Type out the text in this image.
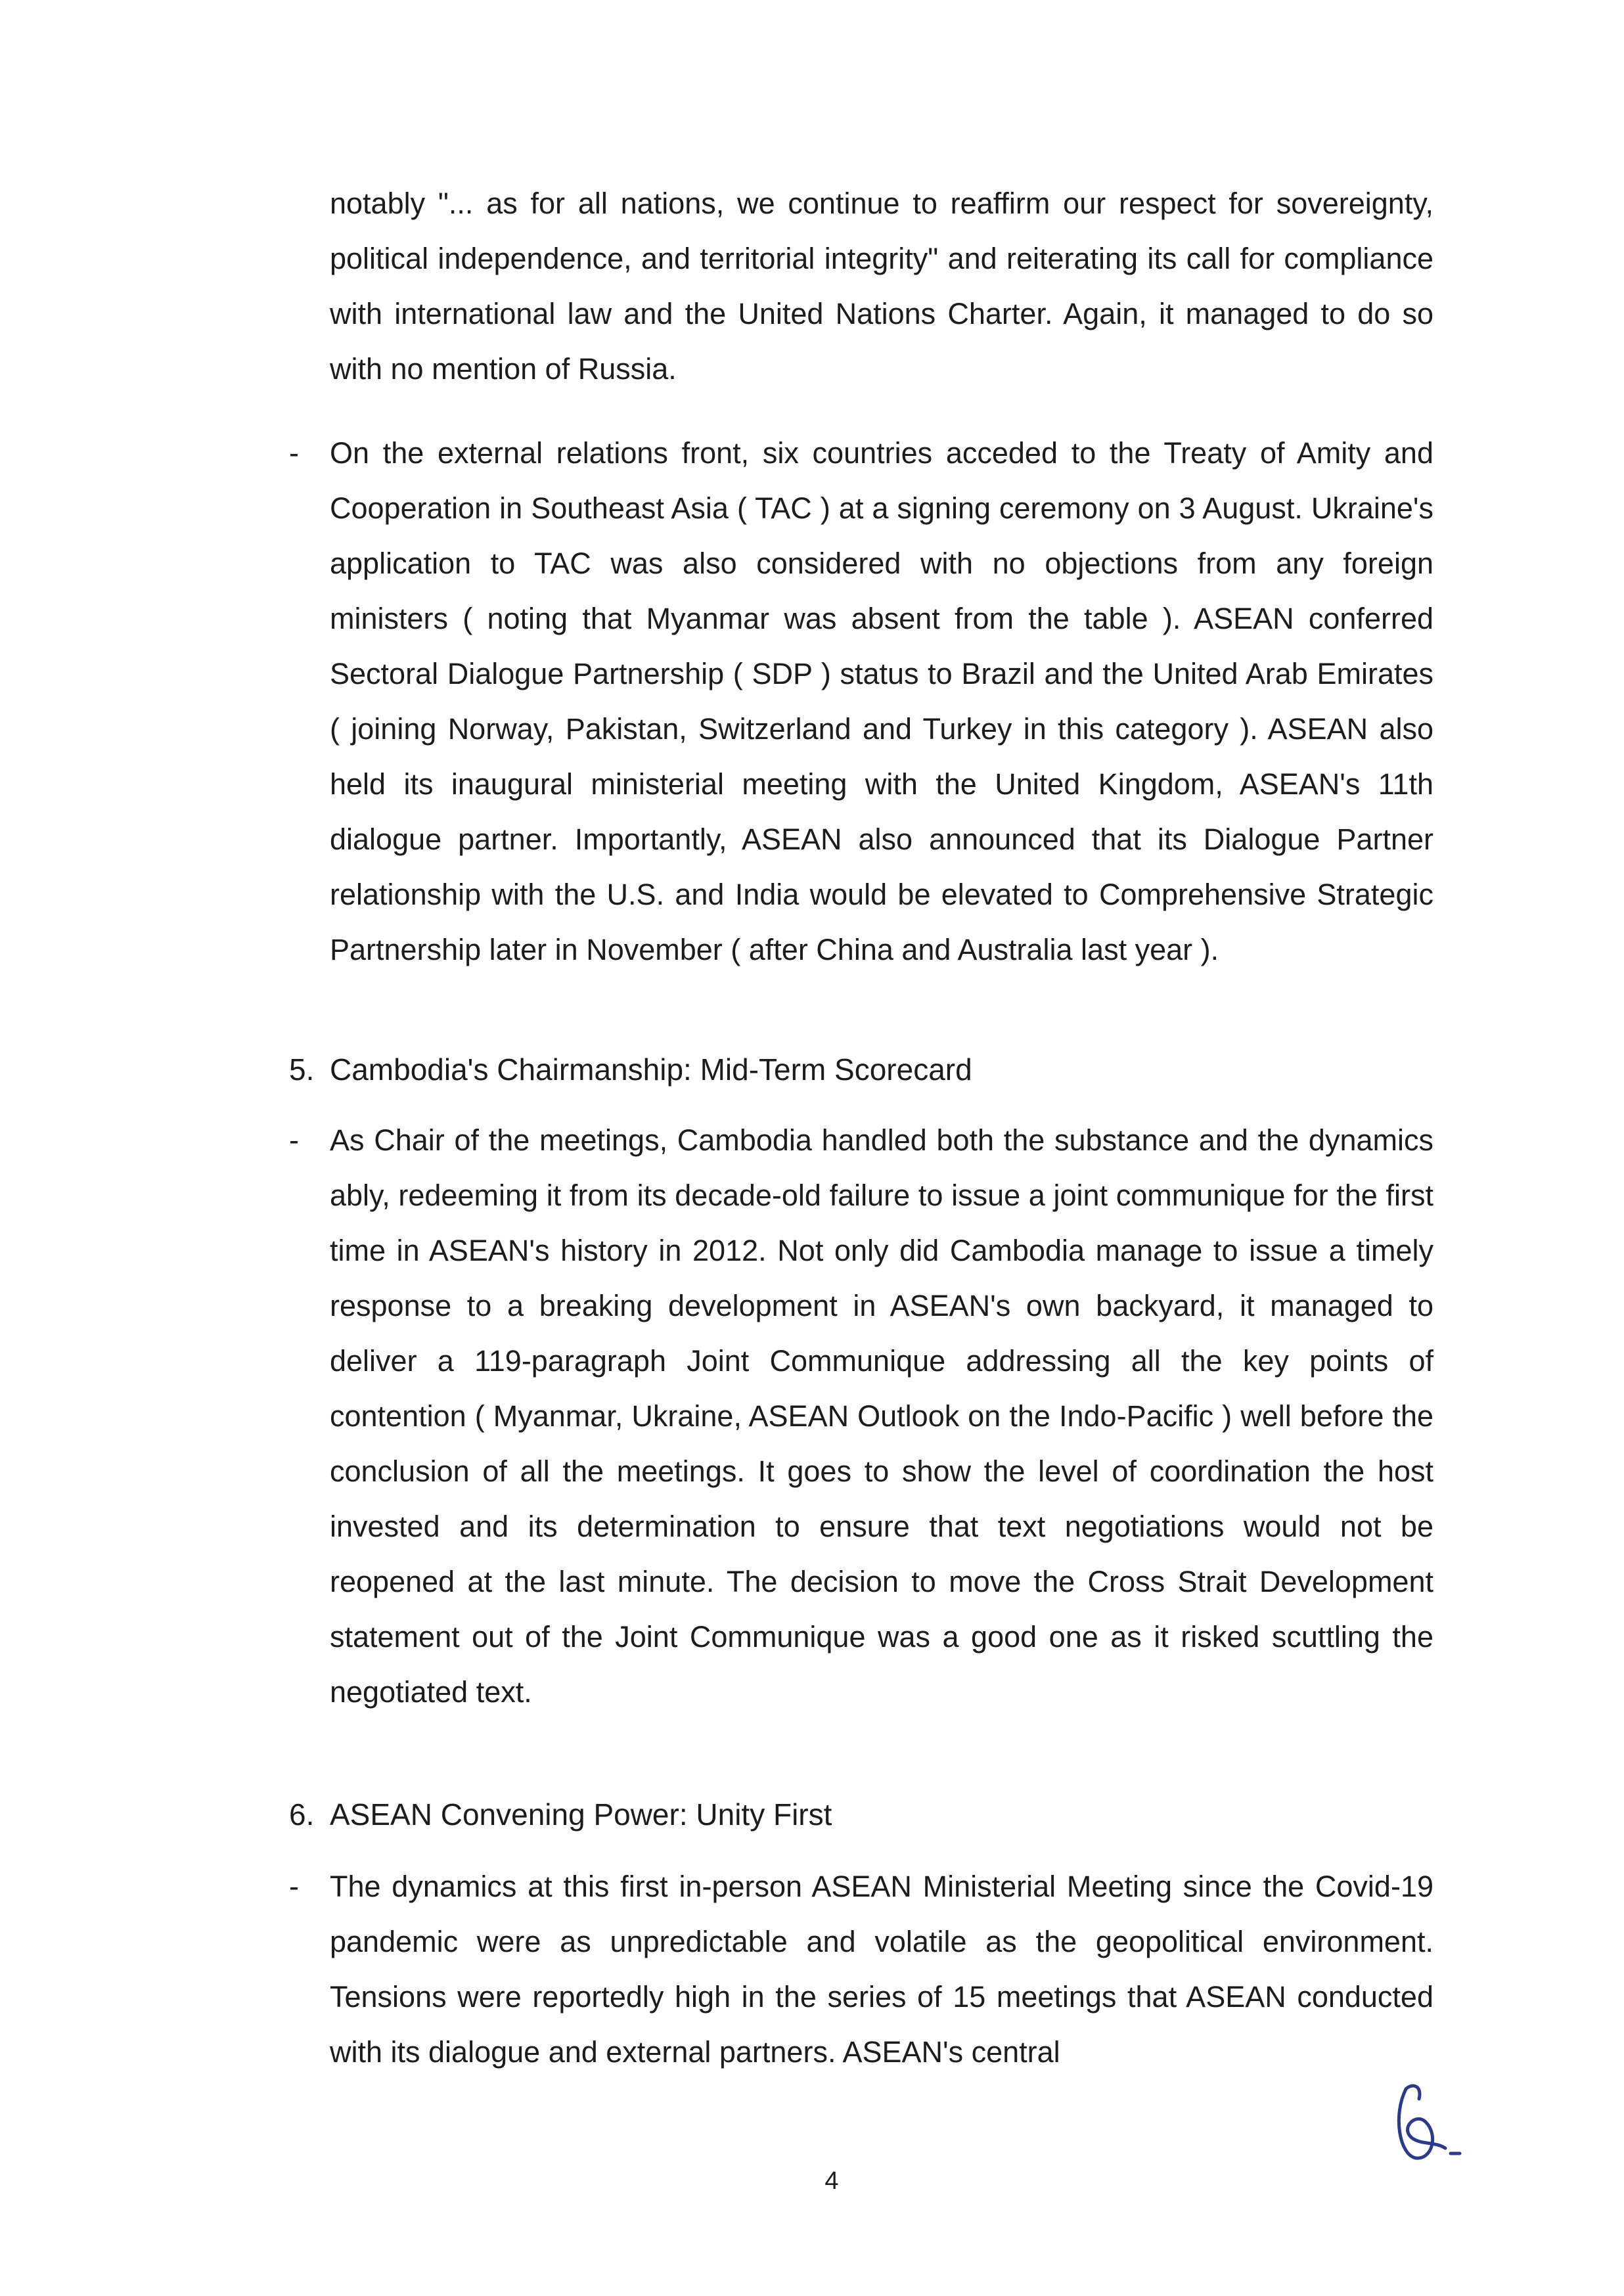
notably "... as for all nations, we continue to reaffirm our respect for sovereignty, political independence, and territorial integrity" and reiterating its call for compliance with international law and the United Nations Charter. Again, it managed to do so with no mention of Russia.
- On the external relations front, six countries acceded to the Treaty of Amity and Cooperation in Southeast Asia ( TAC ) at a signing ceremony on 3 August. Ukraine's application to TAC was also considered with no objections from any foreign ministers ( noting that Myanmar was absent from the table ). ASEAN conferred Sectoral Dialogue Partnership ( SDP ) status to Brazil and the United Arab Emirates ( joining Norway, Pakistan, Switzerland and Turkey in this category ). ASEAN also held its inaugural ministerial meeting with the United Kingdom, ASEAN's 11th dialogue partner. Importantly, ASEAN also announced that its Dialogue Partner relationship with the U.S. and India would be elevated to Comprehensive Strategic Partnership later in November ( after China and Australia last year ).
5. Cambodia's Chairmanship: Mid-Term Scorecard
- As Chair of the meetings, Cambodia handled both the substance and the dynamics ably, redeeming it from its decade-old failure to issue a joint communique for the first time in ASEAN's history in 2012. Not only did Cambodia manage to issue a timely response to a breaking development in ASEAN's own backyard, it managed to deliver a 119-paragraph Joint Communique addressing all the key points of contention ( Myanmar, Ukraine, ASEAN Outlook on the Indo-Pacific ) well before the conclusion of all the meetings. It goes to show the level of coordination the host invested and its determination to ensure that text negotiations would not be reopened at the last minute. The decision to move the Cross Strait Development statement out of the Joint Communique was a good one as it risked scuttling the negotiated text.
6. ASEAN Convening Power: Unity First
- The dynamics at this first in-person ASEAN Ministerial Meeting since the Covid-19 pandemic were as unpredictable and volatile as the geopolitical environment. Tensions were reportedly high in the series of 15 meetings that ASEAN conducted with its dialogue and external partners. ASEAN's central
4
